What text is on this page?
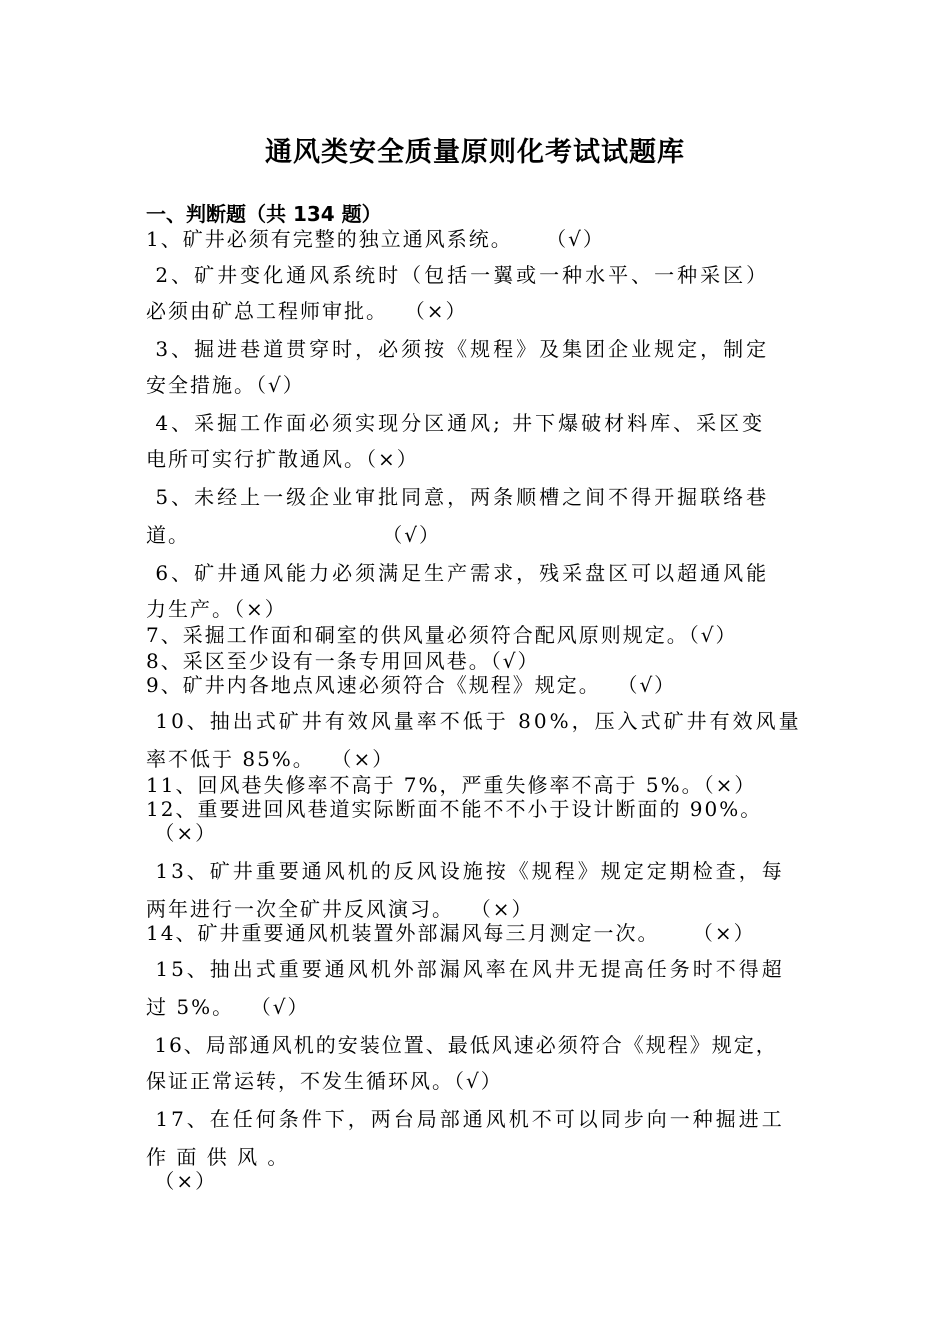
通风类安全质量原则化考试试题库
一、判断题（共 134 题）
1、矿井必须有完整的独立通风系统。    （√）
2、矿井变化通风系统时（包括一翼或一种水平、一种采区）
必须由矿总工程师审批。  （×）
3、掘进巷道贯穿时，必须按《规程》及集团企业规定，制定
安全措施。（√）
4、采掘工作面必须实现分区通风; 井下爆破材料库、采区变
电所可实行扩散通风。（×）
5、未经上一级企业审批同意，两条顺槽之间不得开掘联络巷
道。                       （√）
6、矿井通风能力必须满足生产需求，残采盘区可以超通风能
力生产。（×）
7、采掘工作面和硐室的供风量必须符合配风原则规定。（√）
8、采区至少设有一条专用回风巷。（√）
9、矿井内各地点风速必须符合《规程》规定。  （√）
10、抽出式矿井有效风量率不低于 80%，压入式矿井有效风量
率不低于 85%。  （×）
11、回风巷失修率不高于 7%，严重失修率不高于 5%。（×）
12、重要进回风巷道实际断面不能不不小于设计断面的 90%。
（×）
13、矿井重要通风机的反风设施按《规程》规定定期检查，每
两年进行一次全矿井反风演习。  （×）
14、矿井重要通风机装置外部漏风每三月测定一次。    （×）
15、抽出式重要通风机外部漏风率在风井无提高任务时不得超
过 5%。  （√）
16、局部通风机的安装位置、最低风速必须符合《规程》规定，
保证正常运转，不发生循环风。（√）
17、在任何条件下，两台局部通风机不可以同步向一种掘进工
作 面 供 风 。
（×）
